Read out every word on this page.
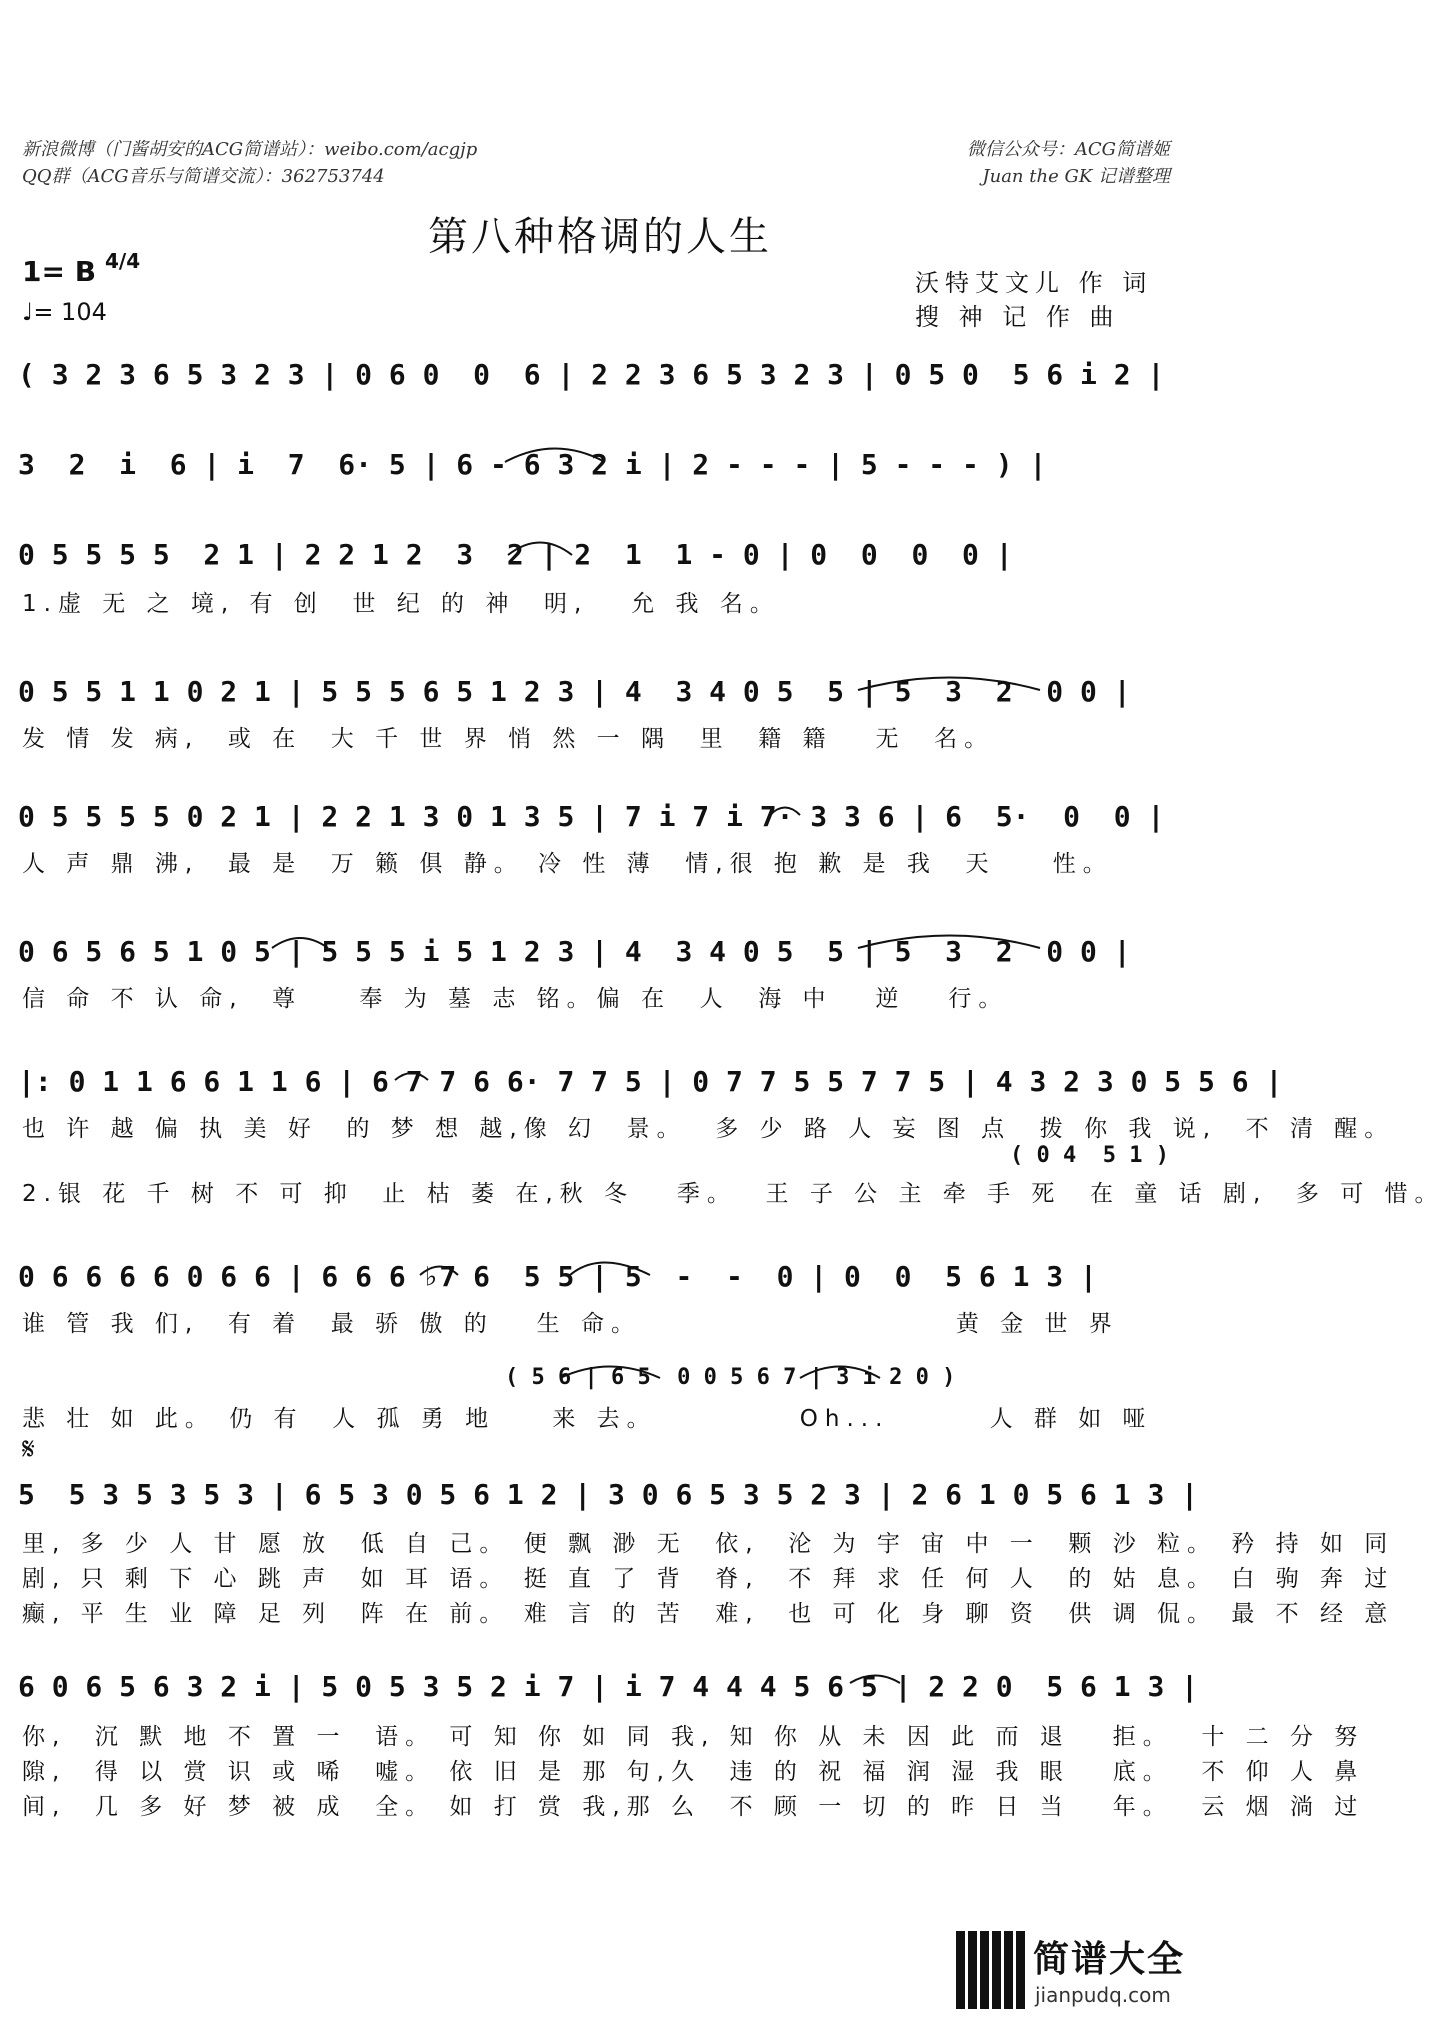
新浪微博（门酱胡安的ACG简谱站）：weibo.com/acgjp
QQ群（ACG音乐与简谱交流）：362753744
微信公众号：ACG简谱姬
Juan the GK 记谱整理
第八种格调的人生
1= B 4/4
♩= 104
沃特艾文儿 作 词
搜 神 记 作 曲
( 3 2 3 6 5 3 2 3 | 0 6 0  0  6 | 2 2 3 6 5 3 2 3 | 0 5 0  5 6 i 2 |
3  2  i  6 | i  7  6· 5 | 6 - 6 3 2 i | 2 - - - | 5 - - - ) |
0 5 5 5 5  2 1 | 2 2 1 2  3  2 | 2  1  1 - 0 | 0  0  0  0 |
1.虚 无 之 境, 有 创  世 纪 的 神  明,   允 我 名。
0 5 5 1 1 0 2 1 | 5 5 5 6 5 1 2 3 | 4  3 4 0 5  5 | 5  3  2  0 0 |
发 情 发 病,  或 在  大 千 世 界 悄 然 一 隅  里  籍 籍   无  名。
0 5 5 5 5 0 2 1 | 2 2 1 3 0 1 3 5 | 7 i 7 i 7· 3 3 6 | 6  5·  0  0 |
人 声 鼎 沸,  最 是  万 籁 俱 静。 冷 性 薄  情,很 抱 歉 是 我  天    性。
0 6 5 6 5 1 0 5 | 5 5 5 i 5 1 2 3 | 4  3 4 0 5  5 | 5  3  2  0 0 |
信 命 不 认 命,  尊    奉 为 墓 志 铭。偏 在  人  海 中   逆   行。
|: 0 1 1 6 6 1 1 6 | 6 7 7 6 6· 7 7 5 | 0 7 7 5 5 7 7 5 | 4 3 2 3 0 5 5 6 |
也 许 越 偏 执 美 好  的 梦 想 越,像 幻  景。  多 少 路 人 妄 图 点  拨 你 我 说,  不 清 醒。
( 0 4  5 1 )
2.银 花 千 树 不 可 抑  止 枯 萎 在,秋 冬   季。  王 子 公 主 牵 手 死  在 童 话 剧,  多 可 惜。
0 6 6 6 6 0 6 6 | 6 6 6 ♭7 6  5 5 | 5  -  -  0 | 0  0  5 6 1 3 |
谁 管 我 们,  有 着  最 骄 傲 的   生 命。                      黄 金 世 界
( 5 6 | 6 5  0 0 5 6 7 | 3 i 2 0 )
悲 壮 如 此。 仍 有  人 孤 勇 地    来 去。          Oh...       人 群 如 哑
𝄋
5  5 3 5 3 5 3 | 6 5 3 0 5 6 1 2 | 3 0 6 5 3 5 2 3 | 2 6 1 0 5 6 1 3 |
里, 多 少 人 甘 愿 放  低 自 己。 便 飘 渺 无  依,  沦 为 宇 宙 中 一  颗 沙 粒。 矜 持 如 同
剧, 只 剩 下 心 跳 声  如 耳 语。 挺 直 了 背  脊,  不 拜 求 任 何 人  的 姑 息。 白 驹 奔 过
癫, 平 生 业 障 足 列  阵 在 前。 难 言 的 苦  难,  也 可 化 身 聊 资  供 调 侃。 最 不 经 意
6 0 6 5 6 3 2 i | 5 0 5 3 5 2 i 7 | i 7 4 4 4 5 6 5 | 2 2 0  5 6 1 3 |
你,  沉 默 地 不 置 一  语。 可 知 你 如 同 我, 知 你 从 未 因 此 而 退   拒。  十 二 分 努
隙,  得 以 赏 识 或 唏  嘘。 依 旧 是 那 句,久  违 的 祝 福 润 湿 我 眼   底。  不 仰 人 鼻
间,  几 多 好 梦 被 成  全。 如 打 赏 我,那 么  不 顾 一 切 的 昨 日 当   年。  云 烟 淌 过
简谱大全
jianpudq.com
